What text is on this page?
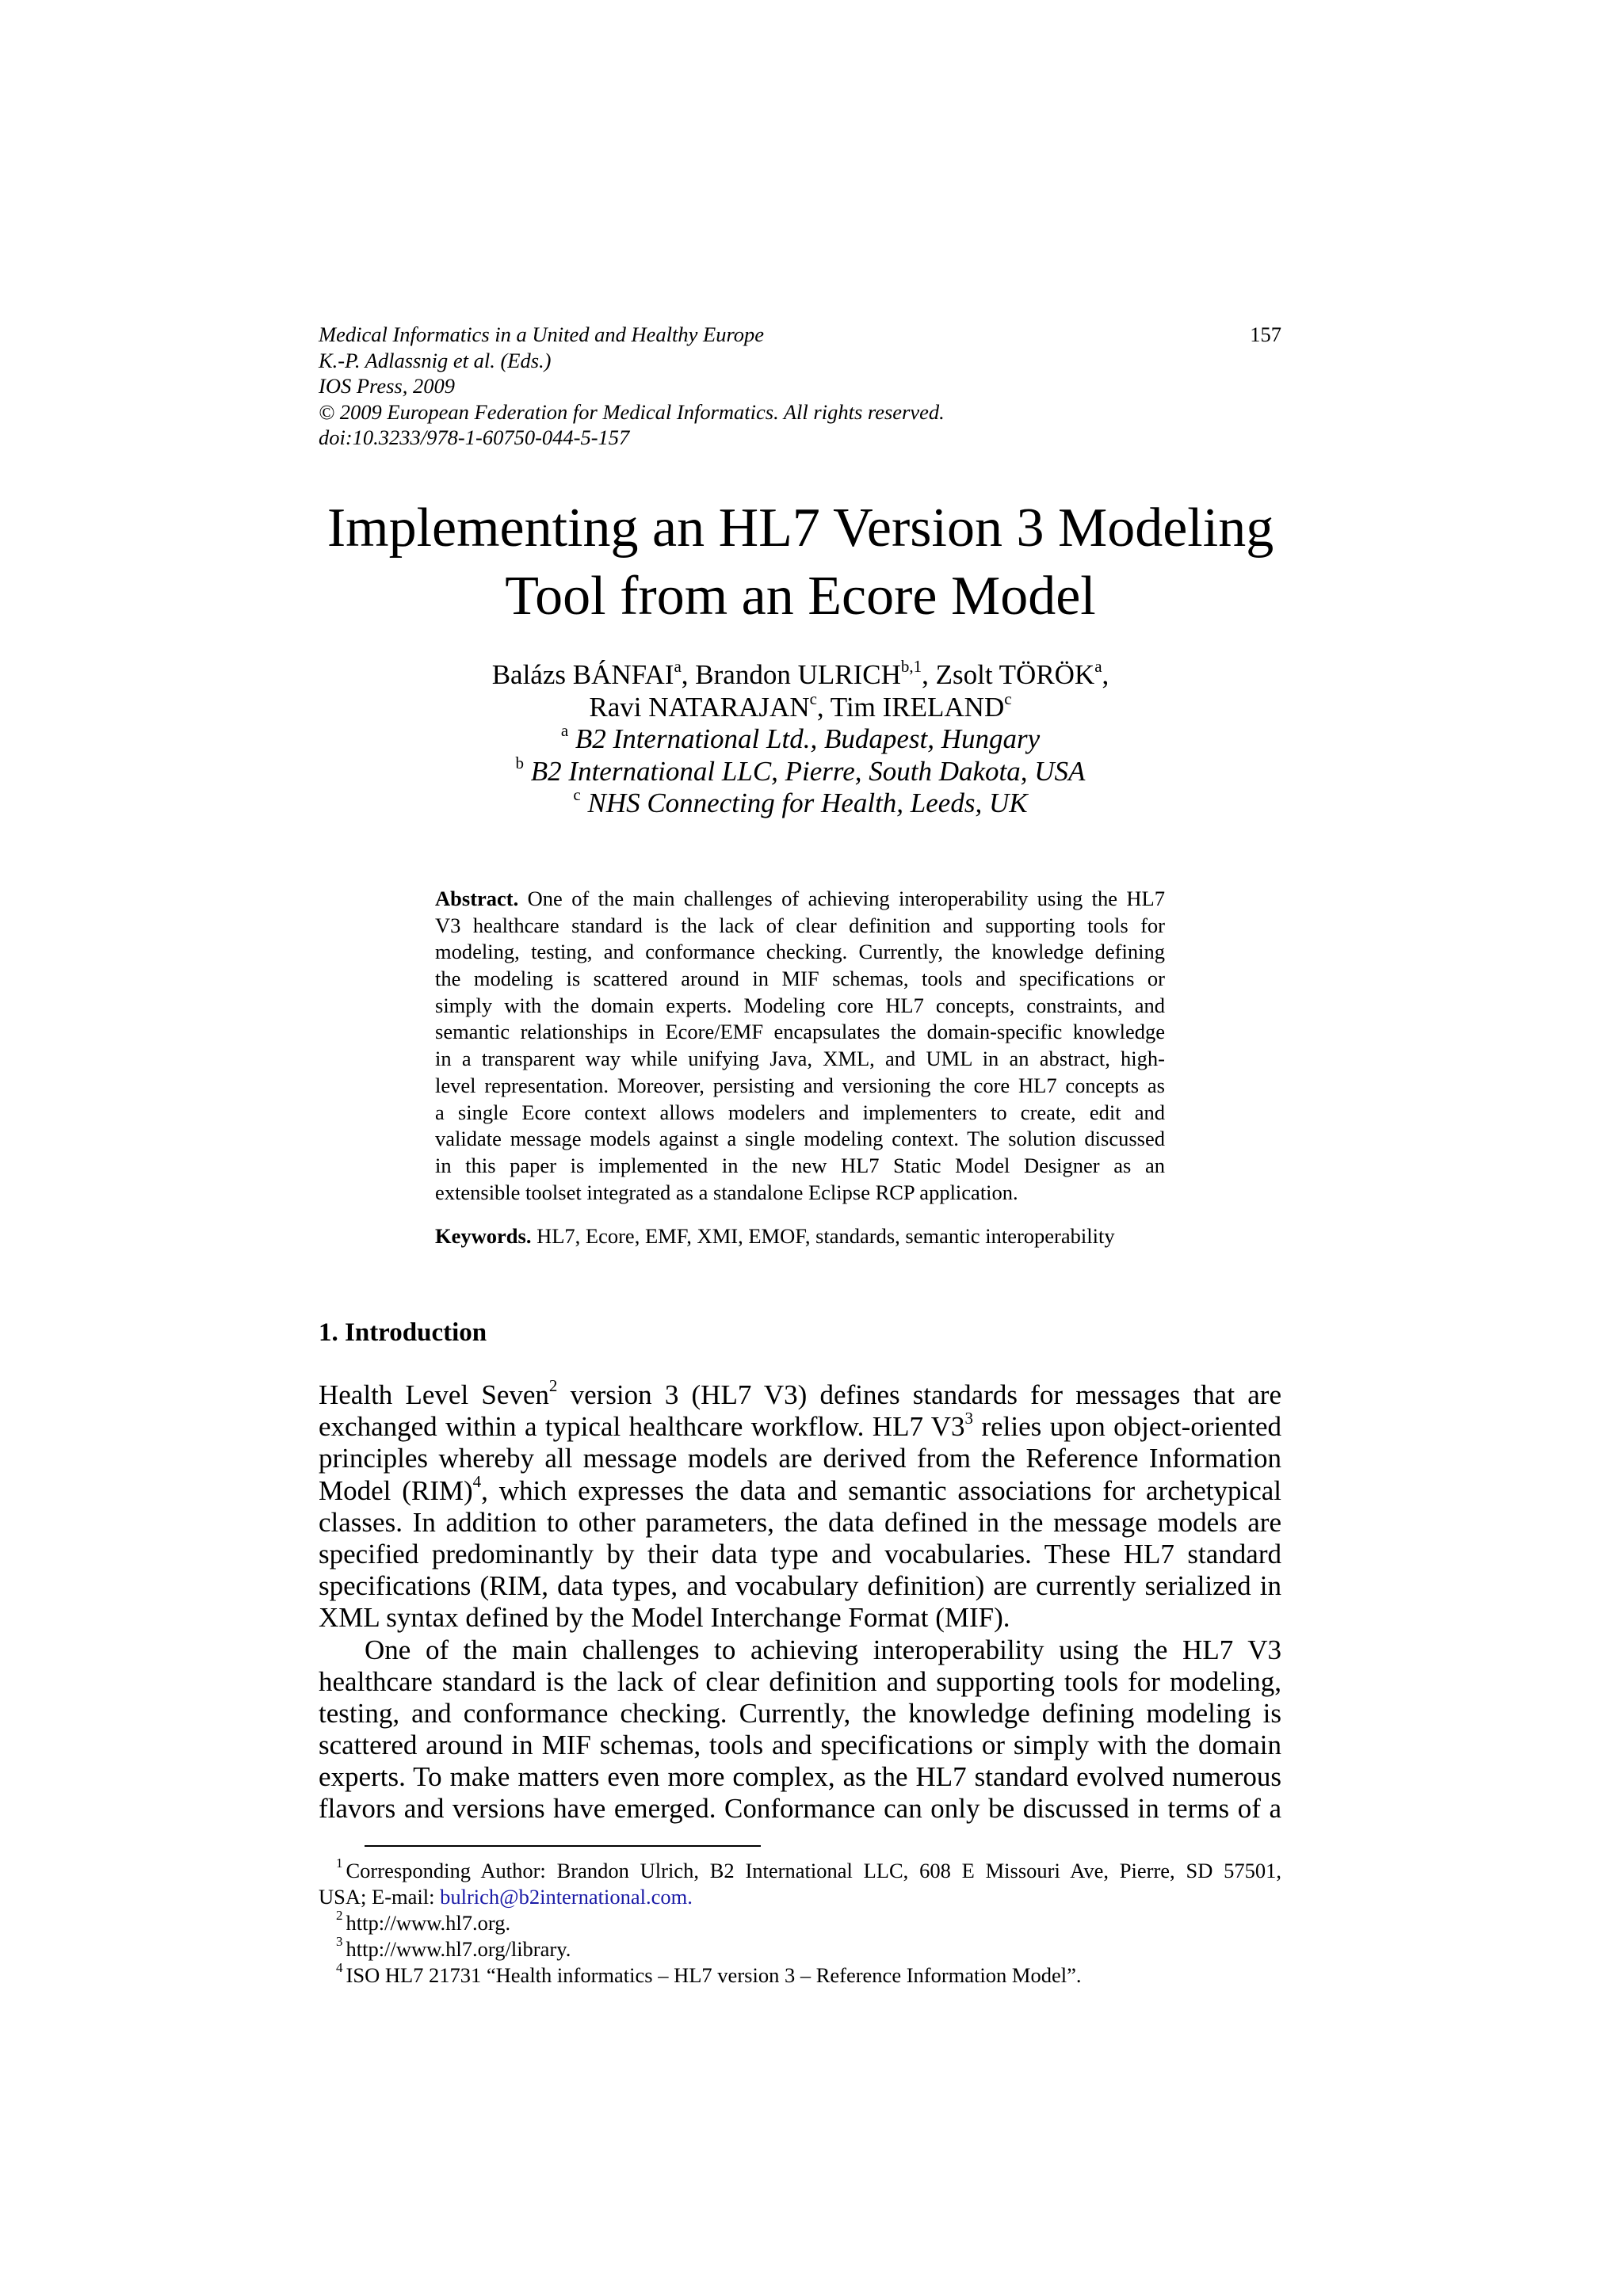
Medical Informatics in a United and Healthy Europe
K.-P. Adlassnig et al. (Eds.)
IOS Press, 2009
© 2009 European Federation for Medical Informatics. All rights reserved.
doi:10.3233/978-1-60750-044-5-157
157
Implementing an HL7 Version 3 Modeling
Tool from an Ecore Model
Balázs BÁNFAI$^a$, Brandon ULRICH$^{b,1}$, Zsolt TÖRÖK$^a$,
Ravi NATARAJAN$^c$, Tim IRELAND$^c$
$^a$ B2 International Ltd., Budapest, Hungary
$^b$ B2 International LLC, Pierre, South Dakota, USA
$^c$ NHS Connecting for Health, Leeds, UK
Abstract. One of the main challenges of achieving interoperability using the HL7
V3 healthcare standard is the lack of clear definition and supporting tools for
modeling, testing, and conformance checking. Currently, the knowledge defining
the modeling is scattered around in MIF schemas, tools and specifications or
simply with the domain experts. Modeling core HL7 concepts, constraints, and
semantic relationships in Ecore/EMF encapsulates the domain-specific knowledge
in a transparent way while unifying Java, XML, and UML in an abstract, high-
level representation. Moreover, persisting and versioning the core HL7 concepts as
a single Ecore context allows modelers and implementers to create, edit and
validate message models against a single modeling context. The solution discussed
in this paper is implemented in the new HL7 Static Model Designer as an
extensible toolset integrated as a standalone Eclipse RCP application.
Keywords. HL7, Ecore, EMF, XMI, EMOF, standards, semantic interoperability
1. Introduction
Health Level Seven$^2$ version 3 (HL7 V3) defines standards for messages that are
exchanged within a typical healthcare workflow. HL7 $V3^3$ relies upon object-oriented
principles whereby all message models are derived from the Reference Information
Model (RIM)$^4$, which expresses the data and semantic associations for archetypical
classes. In addition to other parameters, the data defined in the message models are
specified predominantly by their data type and vocabularies. These HL7 standard
specifications (RIM, data types, and vocabulary definition) are currently serialized in
XML syntax defined by the Model Interchange Format (MIF).
One of the main challenges to achieving interoperability using the HL7 V3
healthcare standard is the lack of clear definition and supporting tools for modeling,
testing, and conformance checking. Currently, the knowledge defining modeling is
scattered around in MIF schemas, tools and specifications or simply with the domain
experts. To make matters even more complex, as the HL7 standard evolved numerous
flavors and versions have emerged. Conformance can only be discussed in terms of a
$^1$ Corresponding Author: Brandon Ulrich, B2 International LLC, 608 E Missouri Ave, Pierre, SD 57501,
USA; E-mail: bulrich@b2international.com.
$^2$ http://www.hl7.org.
$^3$ http://www.hl7.org/library.
$^4$ ISO HL7 21731 “Health informatics – HL7 version 3 – Reference Information Model”.
